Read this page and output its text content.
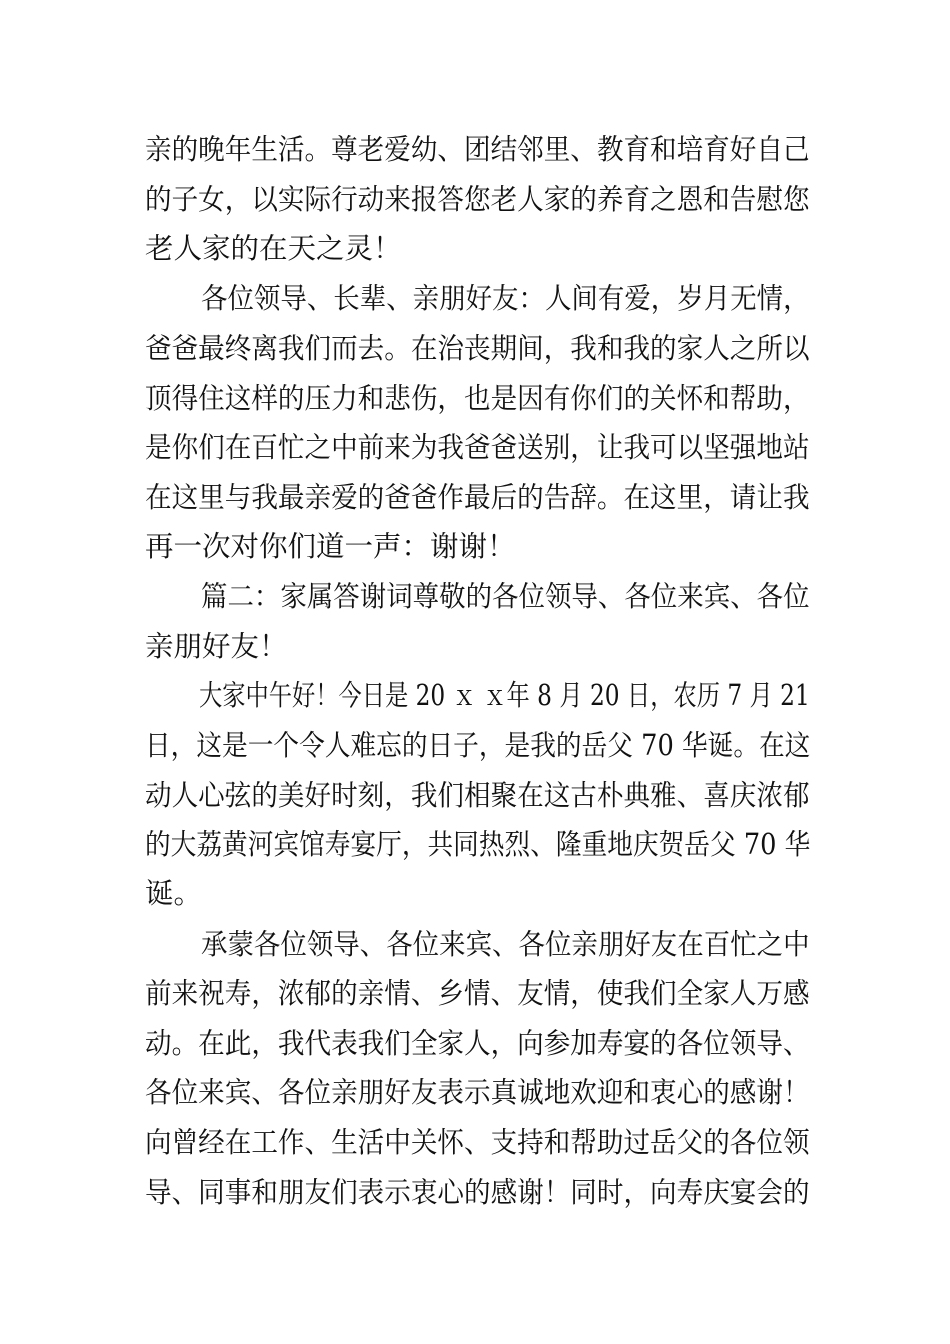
亲的晚年生活。尊老爱幼、团结邻里、教育和培育好自己
的子女，以实际行动来报答您老人家的养育之恩和告慰您
老人家的在天之灵！
各位领导、长辈、亲朋好友：人间有爱，岁月无情，
爸爸最终离我们而去。在治丧期间，我和我的家人之所以
顶得住这样的压力和悲伤，也是因有你们的关怀和帮助，
是你们在百忙之中前来为我爸爸送别，让我可以坚强地站
在这里与我最亲爱的爸爸作最后的告辞。在这里，请让我
再一次对你们道一声：谢谢！
篇二：家属答谢词尊敬的各位领导、各位来宾、各位
亲朋好友！
大家中午好！今日是 20 ｘ ｘ年 8 月 20 日，农历 7 月 21
日，这是一个令人难忘的日子，是我的岳父 70 华诞。在这
动人心弦的美好时刻，我们相聚在这古朴典雅、喜庆浓郁
的大荔黄河宾馆寿宴厅，共同热烈、隆重地庆贺岳父 70 华
诞。
承蒙各位领导、各位来宾、各位亲朋好友在百忙之中
前来祝寿，浓郁的亲情、乡情、友情，使我们全家人万感
动。在此，我代表我们全家人，向参加寿宴的各位领导、
各位来宾、各位亲朋好友表示真诚地欢迎和衷心的感谢！
向曾经在工作、生活中关怀、支持和帮助过岳父的各位领
导、同事和朋友们表示衷心的感谢！同时，向寿庆宴会的
